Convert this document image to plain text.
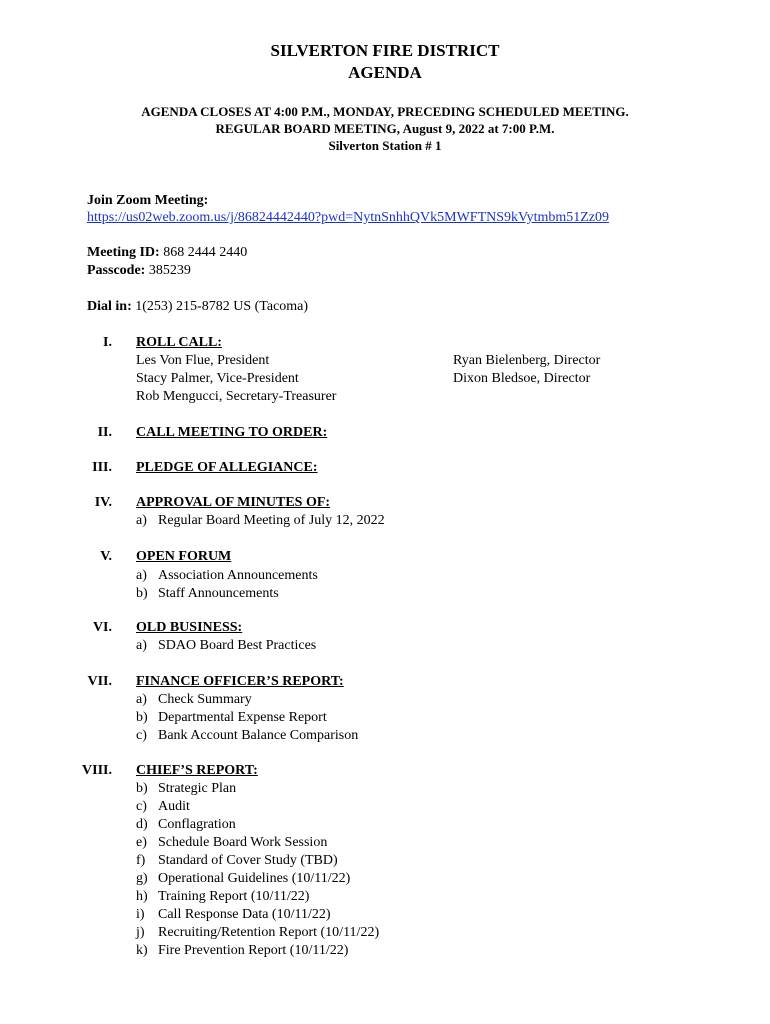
SILVERTON FIRE DISTRICT
AGENDA
AGENDA CLOSES AT 4:00 P.M., MONDAY, PRECEDING SCHEDULED MEETING.
REGULAR BOARD MEETING, August 9, 2022 at 7:00 P.M.
Silverton Station # 1
Join Zoom Meeting:
https://us02web.zoom.us/j/86824442440?pwd=NytnSnhhQVk5MWFTNS9kVytmbm51Zz09
Meeting ID: 868 2444 2440
Passcode: 385239
Dial in: 1(253) 215-8782 US (Tacoma)
I. ROLL CALL:
Les Von Flue, President
Stacy Palmer, Vice-President
Rob Mengucci, Secretary-Treasurer
Ryan Bielenberg, Director
Dixon Bledsoe, Director
II. CALL MEETING TO ORDER:
III. PLEDGE OF ALLEGIANCE:
IV. APPROVAL OF MINUTES OF:
a) Regular Board Meeting of July 12, 2022
V. OPEN FORUM
a) Association Announcements
b) Staff Announcements
VI. OLD BUSINESS:
a) SDAO Board Best Practices
VII. FINANCE OFFICER’S REPORT:
a) Check Summary
b) Departmental Expense Report
c) Bank Account Balance Comparison
VIII. CHIEF’S REPORT:
b) Strategic Plan
c) Audit
d) Conflagration
e) Schedule Board Work Session
f) Standard of Cover Study (TBD)
g) Operational Guidelines (10/11/22)
h) Training Report (10/11/22)
i) Call Response Data (10/11/22)
j) Recruiting/Retention Report (10/11/22)
k) Fire Prevention Report (10/11/22)
